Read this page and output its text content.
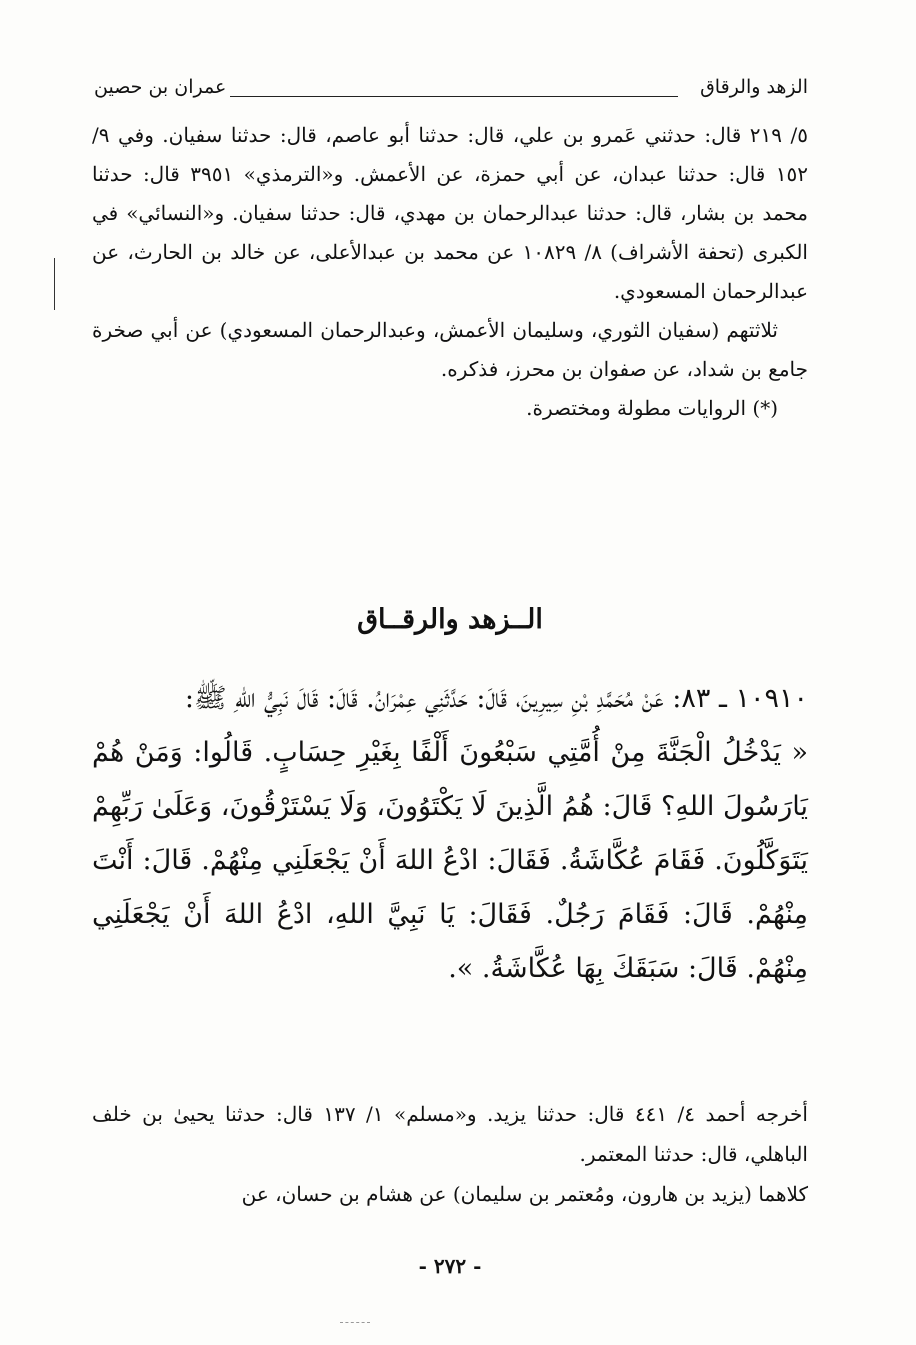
الزهد والرقاق
عمران بن حصين

٥/ ٢١٩ قال: حدثني عَمرو بن علي، قال: حدثنا أبو عاصم، قال: حدثنا سفيان. وفي ٩/ ١٥٢ قال: حدثنا عبدان، عن أبي حمزة، عن الأعمش. و«الترمذي» ٣٩٥١ قال: حدثنا محمد بن بشار، قال: حدثنا عبدالرحمان بن مهدي، قال: حدثنا سفيان. و«النسائي» في الكبرى (تحفة الأشراف) ٨/ ١٠٨٢٩ عن محمد بن عبدالأعلى، عن خالد بن الحارث، عن عبدالرحمان المسعودي.

ثلاثتهم (سفيان الثوري، وسليمان الأعمش، وعبدالرحمان المسعودي) عن أبي صخرة جامع بن شداد، عن صفوان بن محرز، فذكره.

(*) الروايات مطولة ومختصرة.

الــزهد والرقــاق

١٠٩١٠ ـ ٨٣: عَنْ مُحَمَّدِ بْنِ سِيرِينَ، قَالَ: حَدَّثَنِي عِمْرَانُ. قَالَ: قَالَ نَبِيُّ اللهِ ﷺ:

« يَدْخُلُ الْجَنَّةَ مِنْ أُمَّتِي سَبْعُونَ أَلْفًا بِغَيْرِ حِسَابٍ. قَالُوا: وَمَنْ هُمْ يَارَسُولَ اللهِ؟ قَالَ: هُمُ الَّذِينَ لَا يَكْتَوُونَ، وَلَا يَسْتَرْقُونَ، وَعَلَىٰ رَبِّهِمْ يَتَوَكَّلُونَ. فَقَامَ عُكَّاشَةُ. فَقَالَ: ادْعُ اللهَ أَنْ يَجْعَلَنِي مِنْهُمْ. قَالَ: أَنْتَ مِنْهُمْ. قَالَ: فَقَامَ رَجُلٌ. فَقَالَ: يَا نَبِيَّ اللهِ، ادْعُ اللهَ أَنْ يَجْعَلَنِي مِنْهُمْ. قَالَ: سَبَقَكَ بِهَا عُكَّاشَةُ. ».

أخرجه أحمد ٤/ ٤٤١ قال: حدثنا يزيد. و«مسلم» ١/ ١٣٧ قال: حدثنا يحيىٰ بن خلف الباهلي، قال: حدثنا المعتمر.

كلاهما (يزيد بن هارون، ومُعتمر بن سليمان) عن هشام بن حسان، عن

- ٢٧٢ -
